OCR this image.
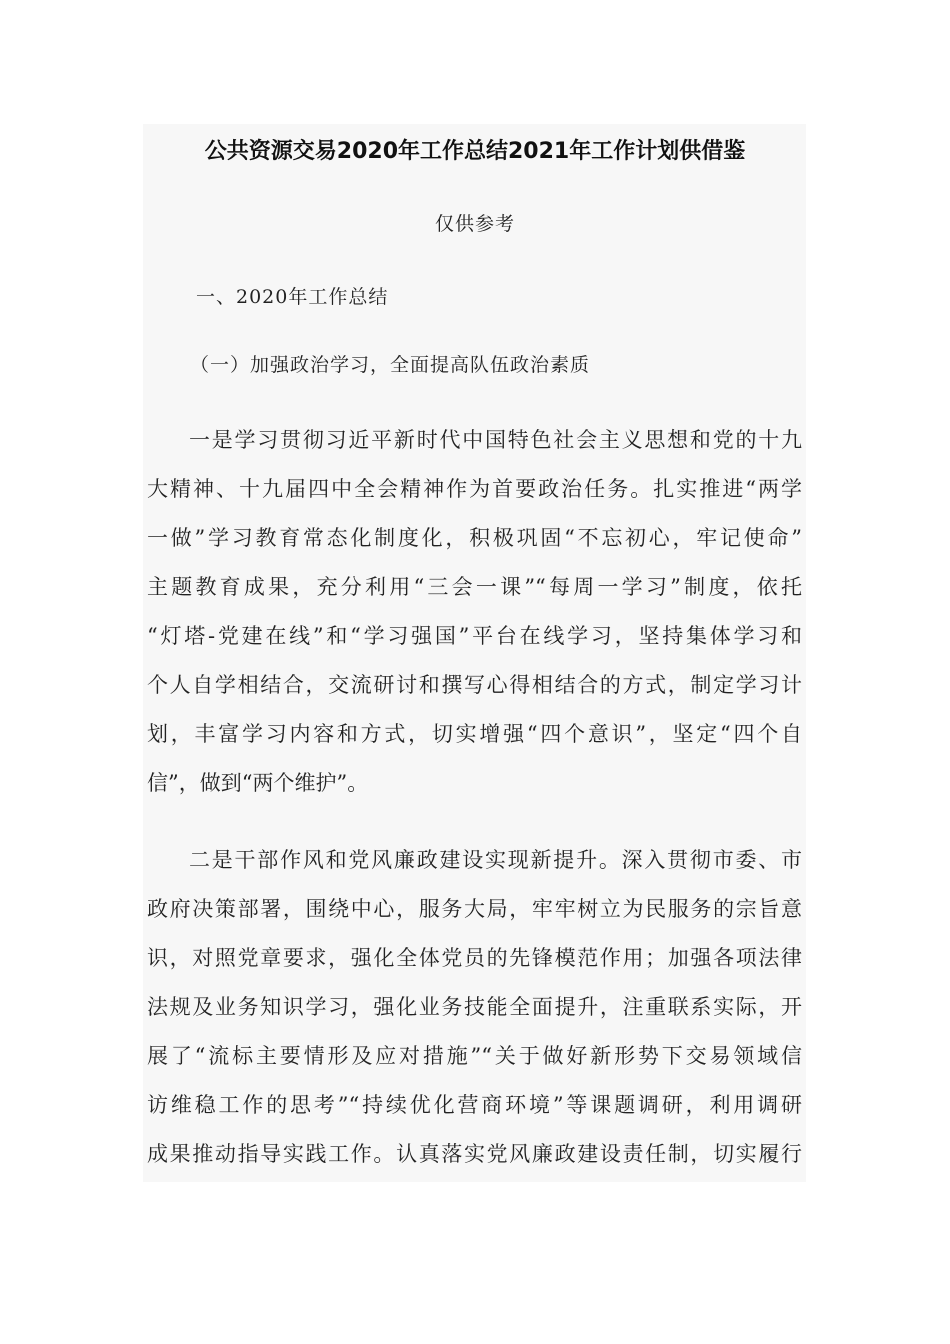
公共资源交易2020年工作总结2021年工作计划供借鉴
仅供参考
一、2020年工作总结
（一）加强政治学习，全面提高队伍政治素质
一是学习贯彻习近平新时代中国特色社会主义思想和党的十九
大精神、十九届四中全会精神作为首要政治任务。扎实推进“两学
一做”学习教育常态化制度化，积极巩固“不忘初心，牢记使命”
主题教育成果，充分利用“三会一课”“每周一学习”制度，依托
“灯塔-党建在线”和“学习强国”平台在线学习，坚持集体学习和
个人自学相结合，交流研讨和撰写心得相结合的方式，制定学习计
划，丰富学习内容和方式，切实增强“四个意识”，坚定“四个自
信”，做到“两个维护”。
二是干部作风和党风廉政建设实现新提升。深入贯彻市委、市
政府决策部署，围绕中心，服务大局，牢牢树立为民服务的宗旨意
识，对照党章要求，强化全体党员的先锋模范作用；加强各项法律
法规及业务知识学习，强化业务技能全面提升，注重联系实际，开
展了“流标主要情形及应对措施”“关于做好新形势下交易领域信
访维稳工作的思考”“持续优化营商环境”等课题调研，利用调研
成果推动指导实践工作。认真落实党风廉政建设责任制，切实履行
